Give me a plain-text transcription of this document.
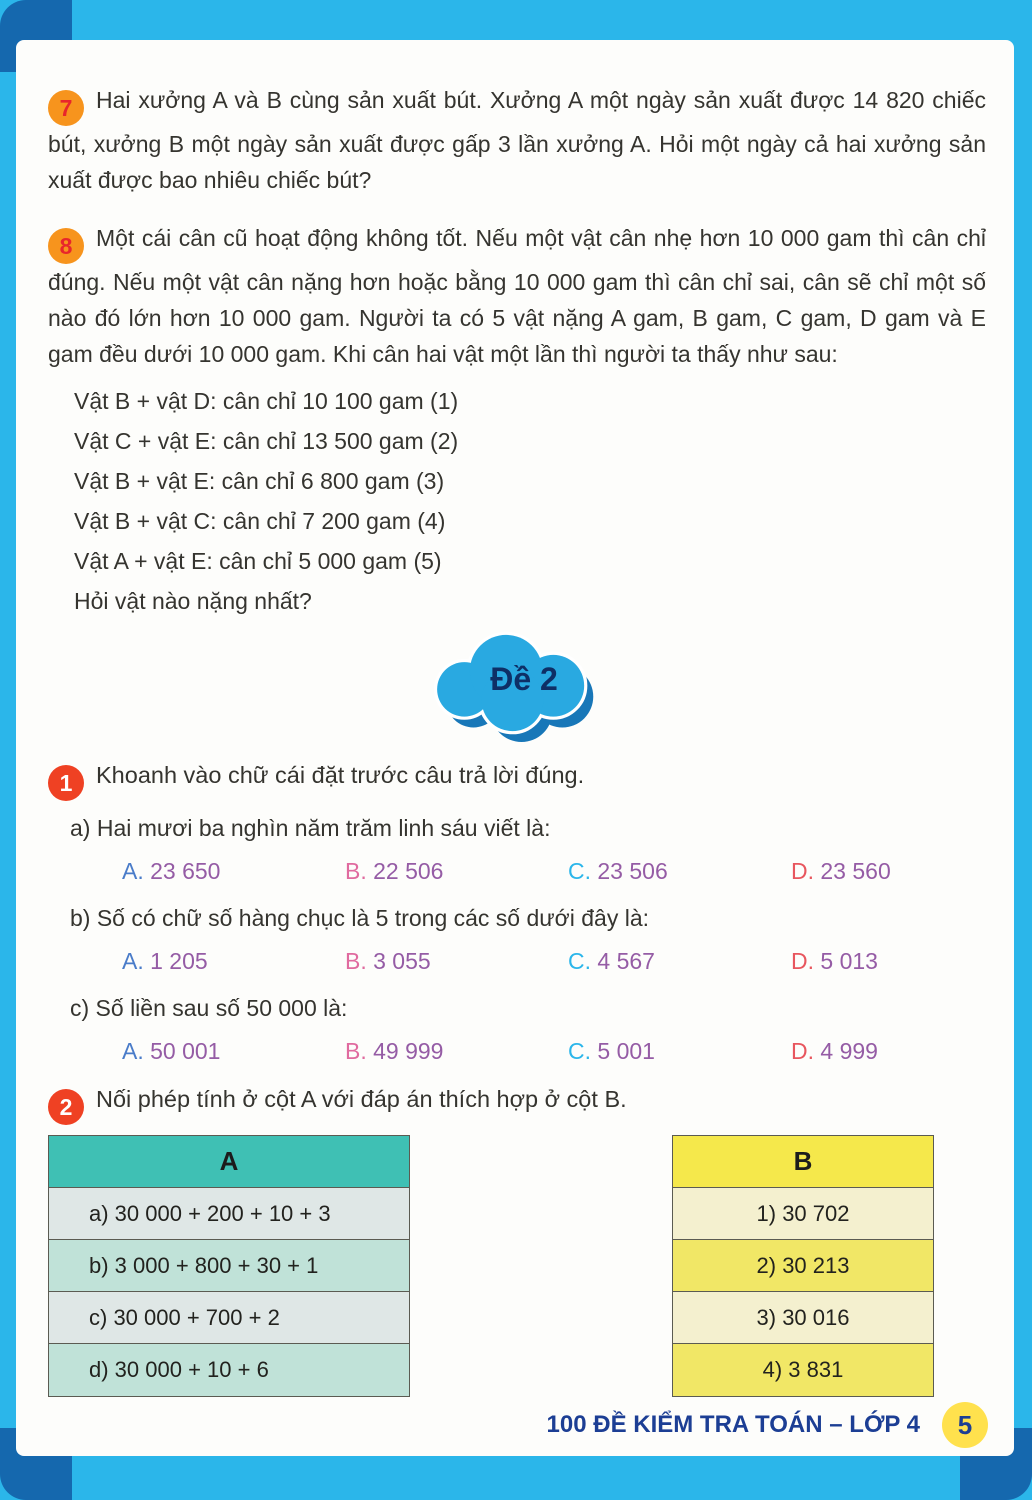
7 Hai xưởng A và B cùng sản xuất bút. Xưởng A một ngày sản xuất được 14 820 chiếc bút, xưởng B một ngày sản xuất được gấp 3 lần xưởng A. Hỏi một ngày cả hai xưởng sản xuất được bao nhiêu chiếc bút?

8 Một cái cân cũ hoạt động không tốt. Nếu một vật cân nhẹ hơn 10 000 gam thì cân chỉ đúng. Nếu một vật cân nặng hơn hoặc bằng 10 000 gam thì cân chỉ sai, cân sẽ chỉ một số nào đó lớn hơn 10 000 gam. Người ta có 5 vật nặng A gam, B gam, C gam, D gam và E gam đều dưới 10 000 gam. Khi cân hai vật một lần thì người ta thấy như sau:

Vật B + vật D: cân chỉ 10 100 gam (1)
Vật C + vật E: cân chỉ 13 500 gam (2)
Vật B + vật E: cân chỉ 6 800 gam (3)
Vật B + vật C: cân chỉ 7 200 gam (4)
Vật A + vật E: cân chỉ 5 000 gam (5)
Hỏi vật nào nặng nhất?
Đề 2

1 Khoanh vào chữ cái đặt trước câu trả lời đúng.

a) Hai mươi ba nghìn năm trăm linh sáu viết là:
A. 23 650	B. 22 506	C. 23 506	D. 23 560
b) Số có chữ số hàng chục là 5 trong các số dưới đây là:
A. 1 205	B. 3 055	C. 4 567	D. 5 013
c) Số liền sau số 50 000 là:
A. 50 001	B. 49 999	C. 5 001	D. 4 999

2 Nối phép tính ở cột A với đáp án thích hợp ở cột B.

A
a) 30 000 + 200 + 10 + 3
b) 3 000 + 800 + 30 + 1
c) 30 000 + 700 + 2
d) 30 000 + 10 + 6
B
1) 30 702
2) 30 213
3) 30 016
4) 3 831
100 ĐỀ KIỂM TRA TOÁN – LỚP 4 5
